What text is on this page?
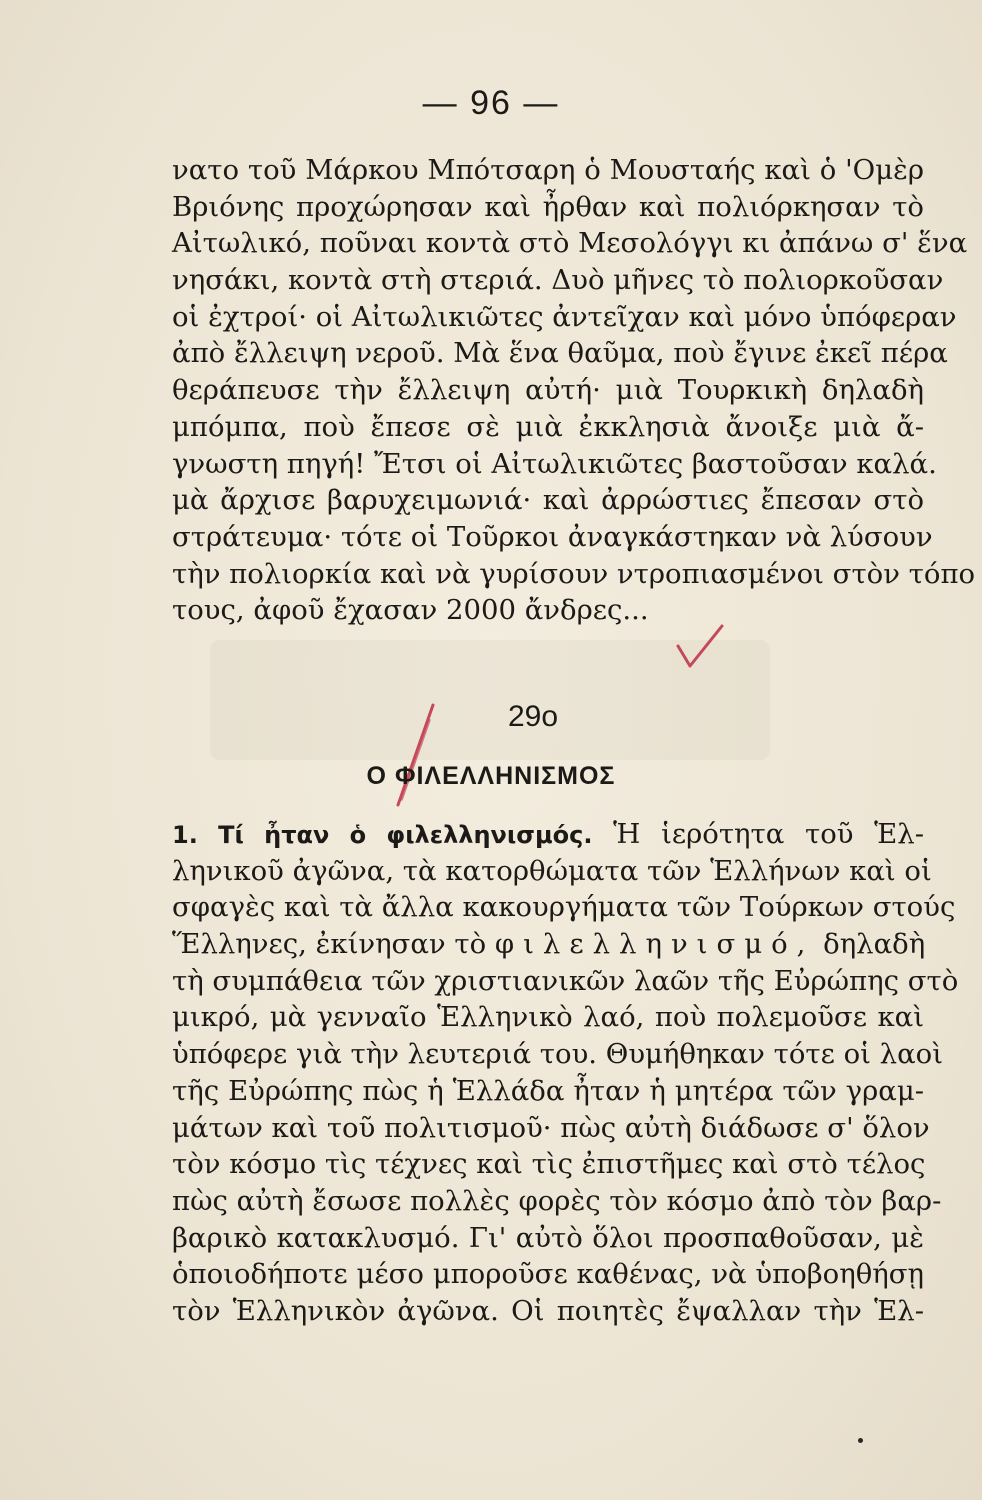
— 96 —
νατο τοῦ Μάρκου Μπότσαρη ὁ Μουσταής καὶ ὁ 'Ομὲρ
Βριόνης προχώρησαν καὶ ἦρθαν καὶ πολιόρκησαν τὸ
Αἰτωλικό, ποῦναι κοντὰ στὸ Μεσολόγγι κι ἀπάνω σ' ἕνα
νησάκι, κοντὰ στὴ στεριά. Δυὸ μῆνες τὸ πολιορκοῦσαν
οἱ ἐχτροί· οἱ Αἰτωλικιῶτες ἀντεῖχαν καὶ μόνο ὑπόφεραν
ἀπὸ ἔλλειψη νεροῦ. Μὰ ἕνα θαῦμα, ποὺ ἔγινε ἐκεῖ πέρα
θεράπευσε τὴν ἔλλειψη αὐτή· μιὰ Τουρκικὴ δηλαδὴ
μπόμπα, ποὺ ἔπεσε σὲ μιὰ ἐκκλησιὰ ἄνοιξε μιὰ ἄ-
γνωστη πηγή! Ἔτσι οἱ Αἰτωλικιῶτες βαστοῦσαν καλά.
μὰ ἄρχισε βαρυχειμωνιά· καὶ ἀρρώστιες ἔπεσαν στὸ
στράτευμα· τότε οἱ Τοῦρκοι ἀναγκάστηκαν νὰ λύσουν
τὴν πολιορκία καὶ νὰ γυρίσουν ντροπιασμένοι στὸν τόπο
τους, ἀφοῦ ἔχασαν 2000 ἄνδρες...
29ο
Ο ΦΙΛΕΛΛΗΝΙΣΜΟΣ
1. Τί ἦταν ὁ φιλελληνισμός. Ἡ ἱερότητα τοῦ Ἑλ-
ληνικοῦ ἀγῶνα, τὰ κατορθώματα τῶν Ἑλλήνων καὶ οἱ
σφαγὲς καὶ τὰ ἄλλα κακουργήματα τῶν Τούρκων στούς
Ἕλληνες, ἐκίνησαν τὸ φιλελληνισμό, δηλαδὴ
τὴ συμπάθεια τῶν χριστιανικῶν λαῶν τῆς Εὐρώπης στὸ
μικρό, μὰ γενναῖο Ἑλληνικὸ λαό, ποὺ πολεμοῦσε καὶ
ὑπόφερε γιὰ τὴν λευτεριά του. Θυμήθηκαν τότε οἱ λαοὶ
τῆς Εὐρώπης πὼς ἡ Ἑλλάδα ἦταν ἡ μητέρα τῶν γραμ-
μάτων καὶ τοῦ πολιτισμοῦ· πὼς αὐτὴ διάδωσε σ' ὅλον
τὸν κόσμο τὶς τέχνες καὶ τὶς ἐπιστῆμες καὶ στὸ τέλος
πὼς αὐτὴ ἔσωσε πολλὲς φορὲς τὸν κόσμο ἀπὸ τὸν βαρ-
βαρικὸ κατακλυσμό. Γι' αὐτὸ ὅλοι προσπαθοῦσαν, μὲ
ὁποιοδήποτε μέσο μποροῦσε καθένας, νὰ ὑποβοηθήσῃ
τὸν Ἑλληνικὸν ἀγῶνα. Οἱ ποιητὲς ἔψαλλαν τὴν Ἑλ-
